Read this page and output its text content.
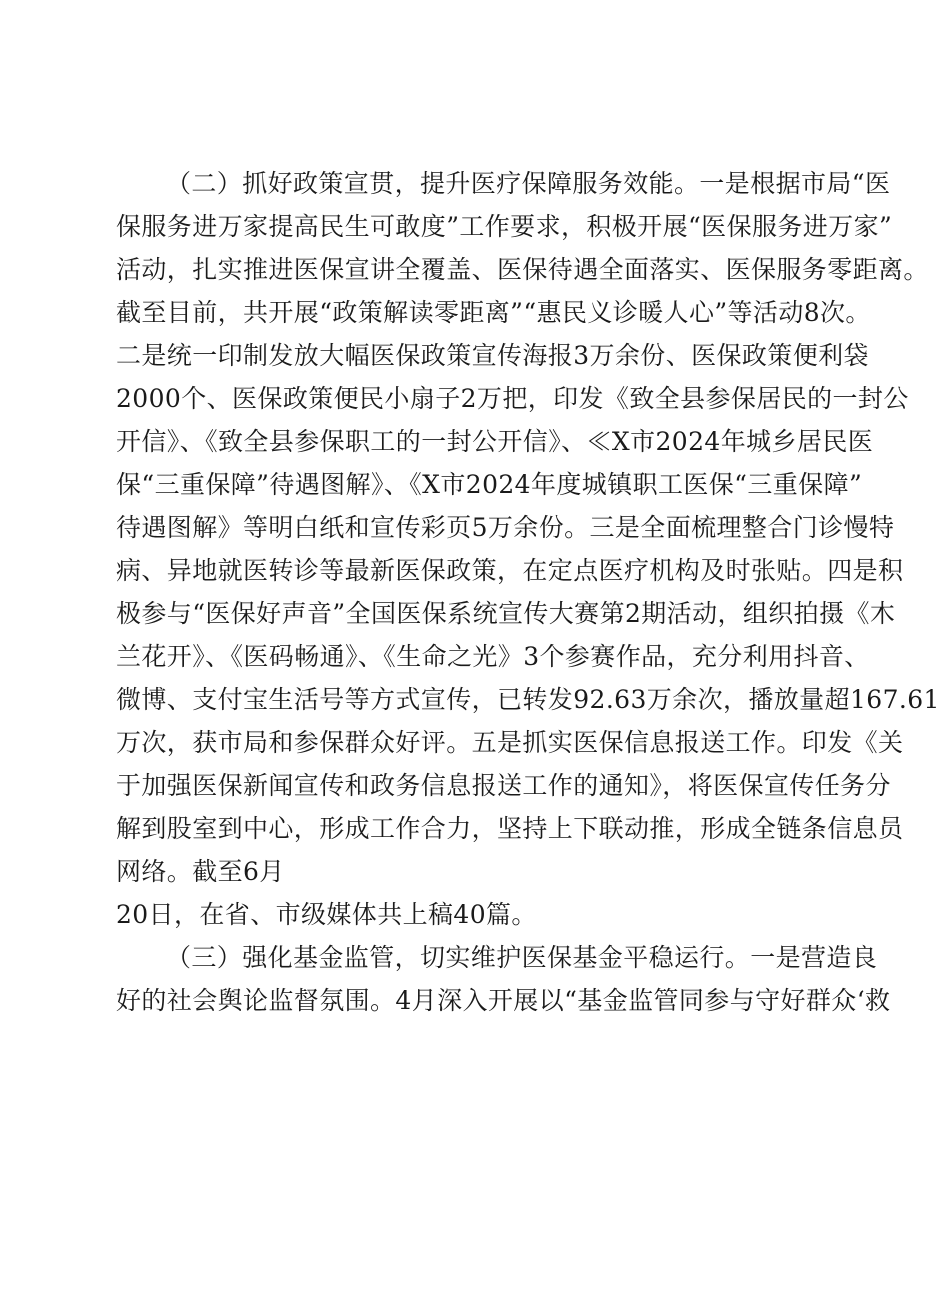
（二）抓好政策宣贯，提升医疗保障服务效能。一是根据市局“医
保服务进万家提高民生可敢度”工作要求，积极开展“医保服务进万家”
活动，扎实推进医保宣讲全覆盖、医保待遇全面落实、医保服务零距离。
截至目前，共开展“政策解读零距离”“惠民义诊暖人心”等活动8次。
二是统一印制发放大幅医保政策宣传海报3万余份、医保政策便利袋
2000个、医保政策便民小扇子2万把，印发《致全县参保居民的一封公
开信》、《致全县参保职工的一封公开信》、≪X市2024年城乡居民医
保“三重保障”待遇图解》、《X市2024年度城镇职工医保“三重保障”
待遇图解》等明白纸和宣传彩页5万余份。三是全面梳理整合门诊慢特
病、异地就医转诊等最新医保政策，在定点医疗机构及时张贴。四是积
极参与“医保好声音”全国医保系统宣传大赛第2期活动，组织拍摄《木
兰花开》、《医码畅通》、《生命之光》3个参赛作品，充分利用抖音、
微博、支付宝生活号等方式宣传，已转发92.63万余次，播放量超167.61
万次，获市局和参保群众好评。五是抓实医保信息报送工作。印发《关
于加强医保新闻宣传和政务信息报送工作的通知》，将医保宣传任务分
解到股室到中心，形成工作合力，坚持上下联动推，形成全链条信息员
网络。截至6月
20日，在省、市级媒体共上稿40篇。
（三）强化基金监管，切实维护医保基金平稳运行。一是营造良
好的社会舆论监督氛围。4月深入开展以“基金监管同参与守好群众‘救
